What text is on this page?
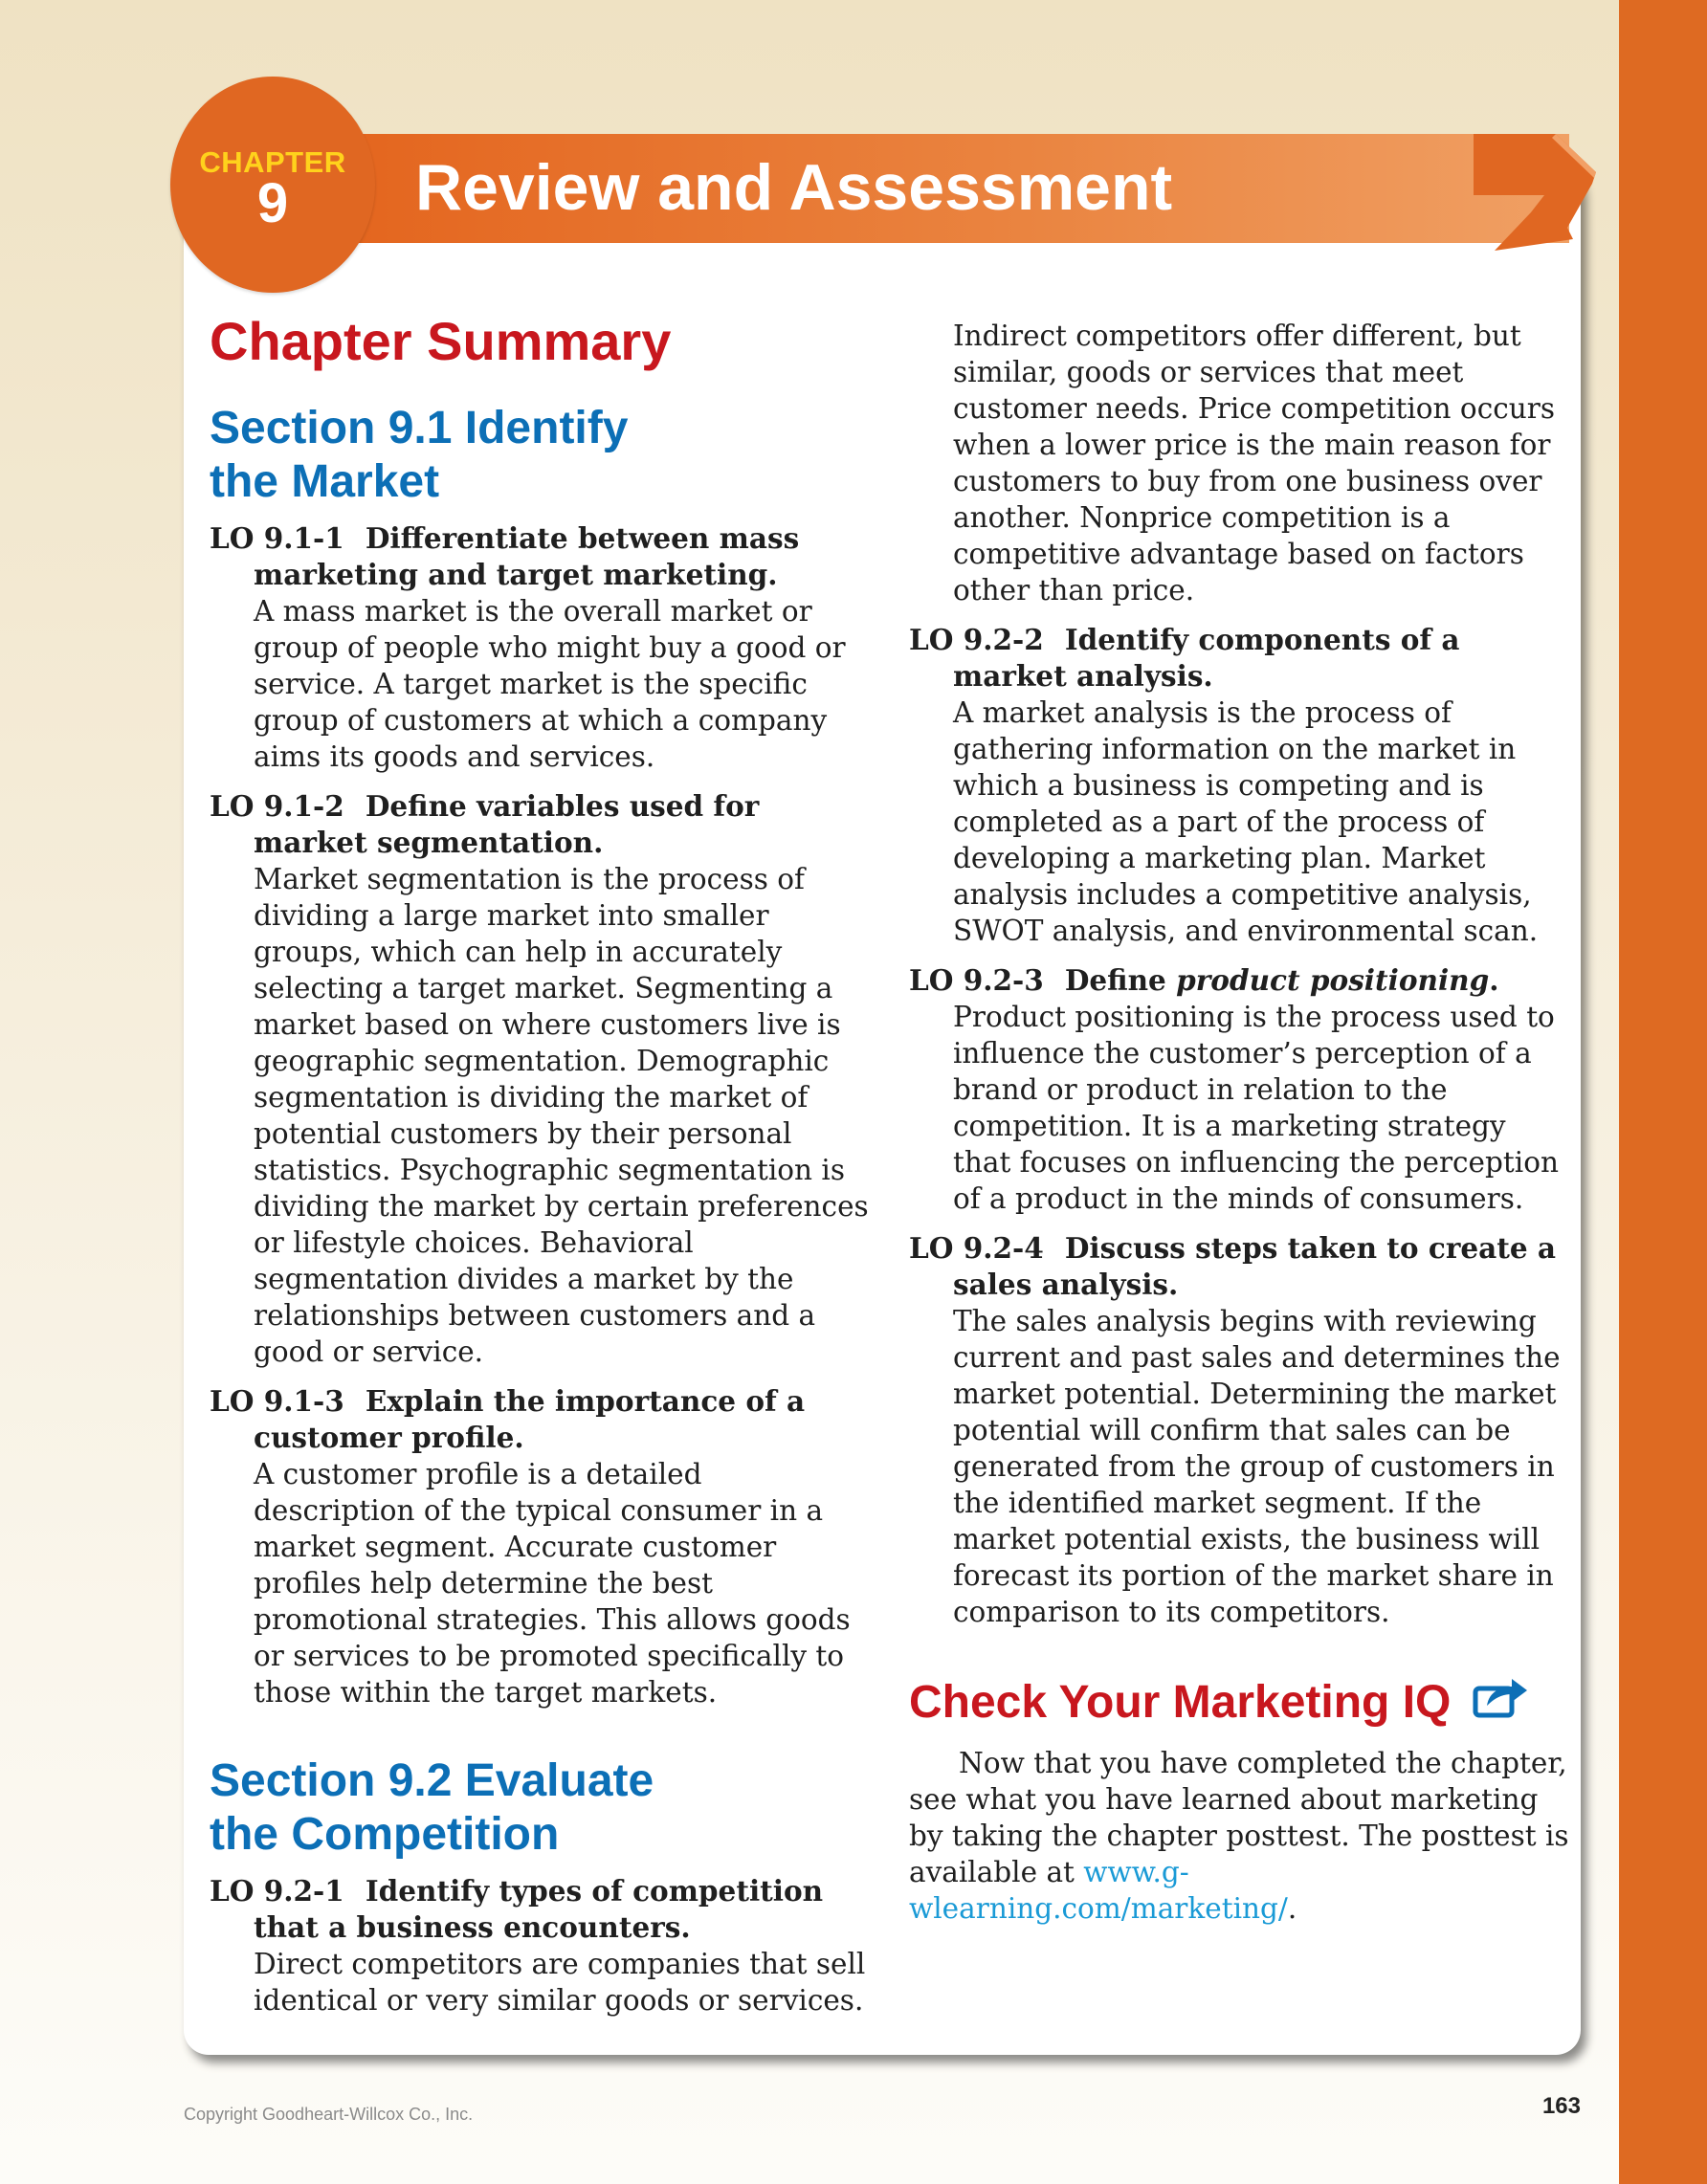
Review and Assessment
CHAPTER
9
Chapter Summary
Section 9.1 Identify
the Market
LO 9.1-1 Differentiate between mass marketing and target marketing.
A mass market is the overall market or group of people who might buy a good or service. A target market is the specific group of customers at which a company aims its goods and services.
LO 9.1-2 Define variables used for market segmentation.
Market segmentation is the process of dividing a large market into smaller groups, which can help in accurately selecting a target market. Segmenting a market based on where customers live is geographic segmentation. Demographic segmentation is dividing the market of potential customers by their personal statistics. Psychographic segmentation is dividing the market by certain preferences or lifestyle choices. Behavioral segmentation divides a market by the relationships between customers and a good or service.
LO 9.1-3 Explain the importance of a customer profile.
A customer profile is a detailed description of the typical consumer in a market segment. Accurate customer profiles help determine the best promotional strategies. This allows goods or services to be promoted specifically to those within the target markets.
Section 9.2 Evaluate
the Competition
LO 9.2-1 Identify types of competition that a business encounters.
Direct competitors are companies that sell identical or very similar goods or services.

Indirect competitors offer different, but similar, goods or services that meet customer needs. Price competition occurs when a lower price is the main reason for customers to buy from one business over another. Nonprice competition is a competitive advantage based on factors other than price.

LO 9.2-2 Identify components of a market analysis.
A market analysis is the process of gathering information on the market in which a business is competing and is completed as a part of the process of developing a marketing plan. Market analysis includes a competitive analysis, SWOT analysis, and environmental scan.
LO 9.2-3 Define product positioning.
Product positioning is the process used to influence the customer’s perception of a brand or product in relation to the competition. It is a marketing strategy that focuses on influencing the perception of a product in the minds of consumers.
LO 9.2-4 Discuss steps taken to create a sales analysis.
The sales analysis begins with reviewing current and past sales and determines the market potential. Determining the market potential will confirm that sales can be generated from the group of customers in the identified market segment. If the market potential exists, the business will forecast its portion of the market share in comparison to its competitors.
Check Your Marketing IQ

Now that you have completed the chapter, see what you have learned about marketing by taking the chapter posttest. The posttest is available at www.g-wlearning.com/marketing/.

Copyright Goodheart-Willcox Co., Inc.	163
